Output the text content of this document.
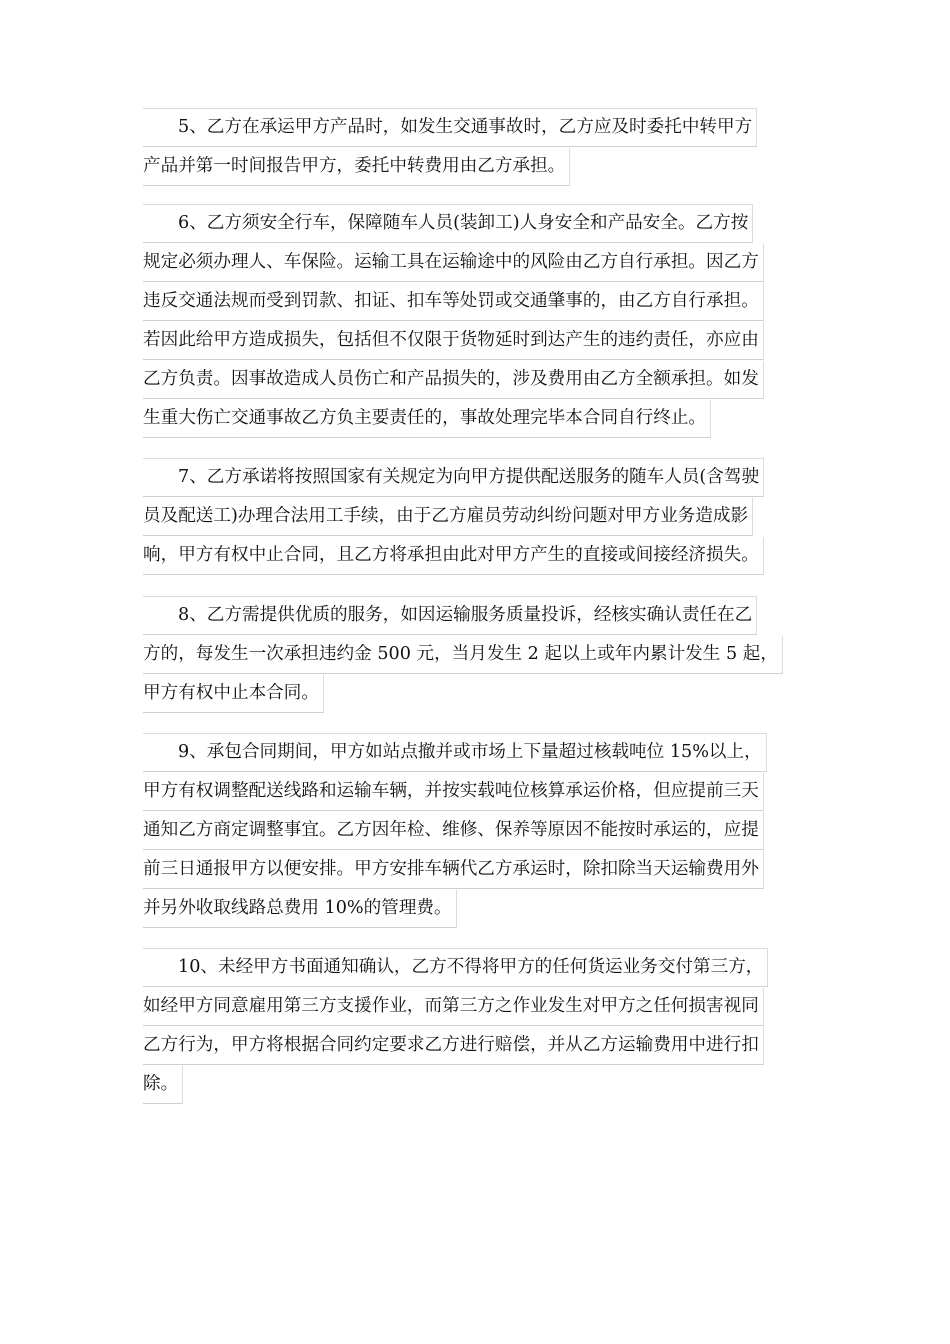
5、乙方在承运甲方产品时，如发生交通事故时，乙方应及时委托中转甲方
产品并第一时间报告甲方，委托中转费用由乙方承担。
6、乙方须安全行车，保障随车人员(装卸工)人身安全和产品安全。乙方按
规定必须办理人、车保险。运输工具在运输途中的风险由乙方自行承担。因乙方
违反交通法规而受到罚款、扣证、扣车等处罚或交通肇事的，由乙方自行承担。
若因此给甲方造成损失，包括但不仅限于货物延时到达产生的违约责任，亦应由
乙方负责。因事故造成人员伤亡和产品损失的，涉及费用由乙方全额承担。如发
生重大伤亡交通事故乙方负主要责任的，事故处理完毕本合同自行终止。
7、乙方承诺将按照国家有关规定为向甲方提供配送服务的随车人员(含驾驶
员及配送工)办理合法用工手续，由于乙方雇员劳动纠纷问题对甲方业务造成影
响，甲方有权中止合同，且乙方将承担由此对甲方产生的直接或间接经济损失。
8、乙方需提供优质的服务，如因运输服务质量投诉，经核实确认责任在乙
方的，每发生一次承担违约金 500 元，当月发生 2 起以上或年内累计发生 5 起，
甲方有权中止本合同。
9、承包合同期间，甲方如站点撤并或市场上下量超过核载吨位 15%以上，
甲方有权调整配送线路和运输车辆，并按实载吨位核算承运价格，但应提前三天
通知乙方商定调整事宜。乙方因年检、维修、保养等原因不能按时承运的，应提
前三日通报甲方以便安排。甲方安排车辆代乙方承运时，除扣除当天运输费用外
并另外收取线路总费用 10%的管理费。
10、未经甲方书面通知确认，乙方不得将甲方的任何货运业务交付第三方，
如经甲方同意雇用第三方支援作业，而第三方之作业发生对甲方之任何损害视同
乙方行为，甲方将根据合同约定要求乙方进行赔偿，并从乙方运输费用中进行扣
除。
